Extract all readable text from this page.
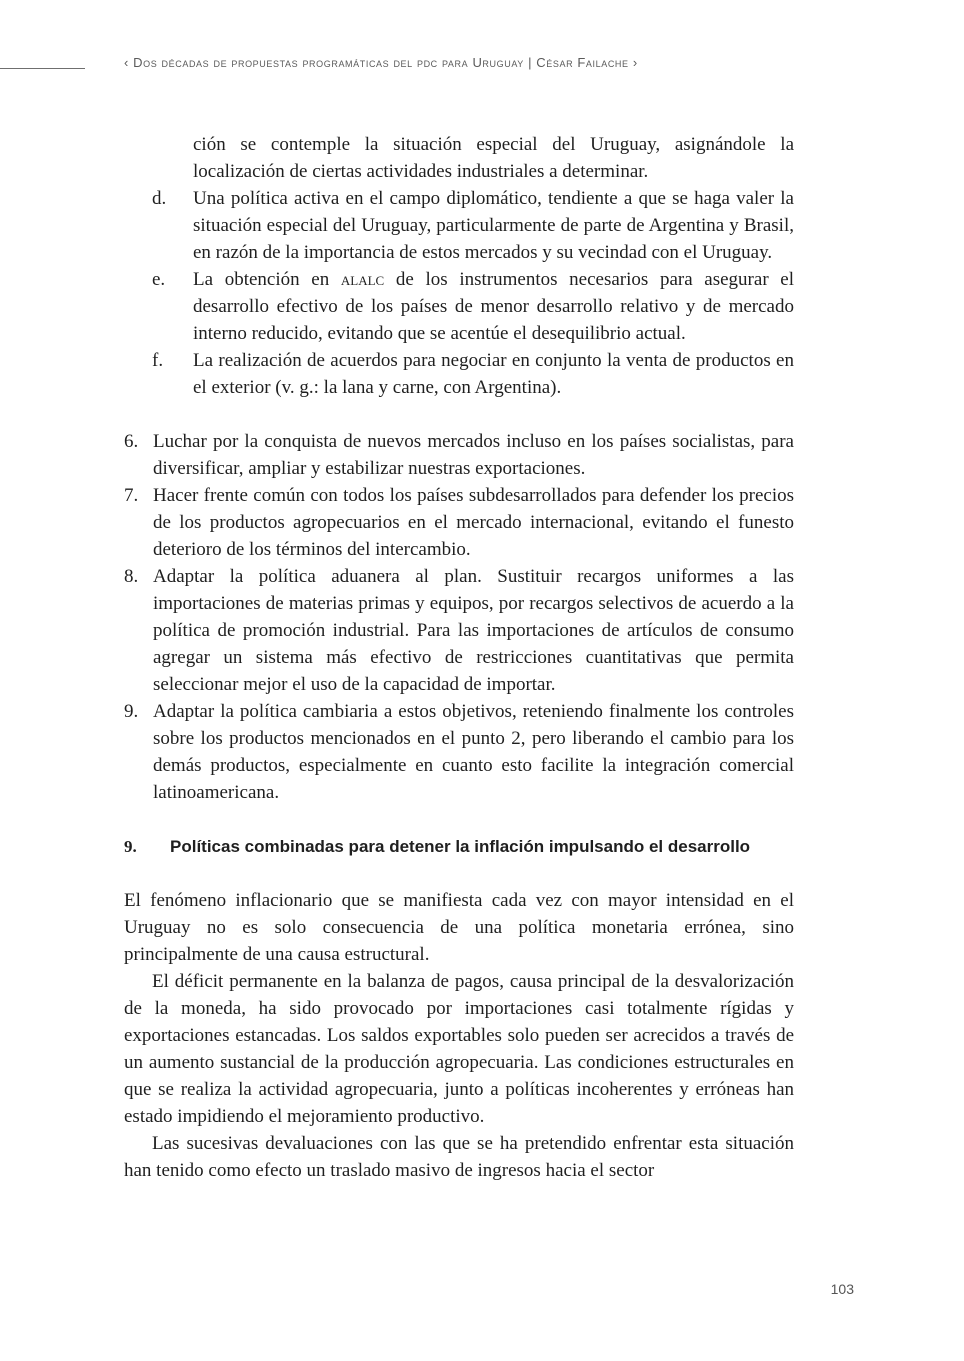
‹ Dos décadas de propuestas programáticas del pdc para Uruguay | César Failache ›

ción se contemple la situación especial del Uruguay, asignándole la localización de ciertas actividades industriales a determinar.

d.	Una política activa en el campo diplomático, tendiente a que se haga valer la situación especial del Uruguay, particularmente de parte de Argentina y Brasil, en razón de la importancia de estos mercados y su vecindad con el Uruguay.
e.	La obtención en alalc de los instrumentos necesarios para asegurar el desarrollo efectivo de los países de menor desarrollo relativo y de mercado interno reducido, evitando que se acentúe el desequilibrio actual.
f.	La realización de acuerdos para negociar en conjunto la venta de productos en el exterior (v. g.: la lana y carne, con Argentina).
6. Luchar por la conquista de nuevos mercados incluso en los países socialistas, para diversificar, ampliar y estabilizar nuestras exportaciones.
7. Hacer frente común con todos los países subdesarrollados para defender los precios de los productos agropecuarios en el mercado internacional, evitando el funesto deterioro de los términos del intercambio.
8. Adaptar la política aduanera al plan. Sustituir recargos uniformes a las importaciones de materias primas y equipos, por recargos selectivos de acuerdo a la política de promoción industrial. Para las importaciones de artículos de consumo agregar un sistema más efectivo de restricciones cuantitativas que permita seleccionar mejor el uso de la capacidad de importar.
9. Adaptar la política cambiaria a estos objetivos, reteniendo finalmente los controles sobre los productos mencionados en el punto 2, pero liberando el cambio para los demás productos, especialmente en cuanto esto facilite la integración comercial latinoamericana.
9.	Políticas combinadas para detener la inflación impulsando el desarrollo

El fenómeno inflacionario que se manifiesta cada vez con mayor intensidad en el Uruguay no es solo consecuencia de una política monetaria errónea, sino principalmente de una causa estructural.

El déficit permanente en la balanza de pagos, causa principal de la desvalorización de la moneda, ha sido provocado por importaciones casi totalmente rígidas y exportaciones estancadas. Los saldos exportables solo pueden ser acrecidos a través de un aumento sustancial de la producción agropecuaria. Las condiciones estructurales en que se realiza la actividad agropecuaria, junto a políticas incoherentes y erróneas han estado impidiendo el mejoramiento productivo.

Las sucesivas devaluaciones con las que se ha pretendido enfrentar esta situación han tenido como efecto un traslado masivo de ingresos hacia el sector

103
